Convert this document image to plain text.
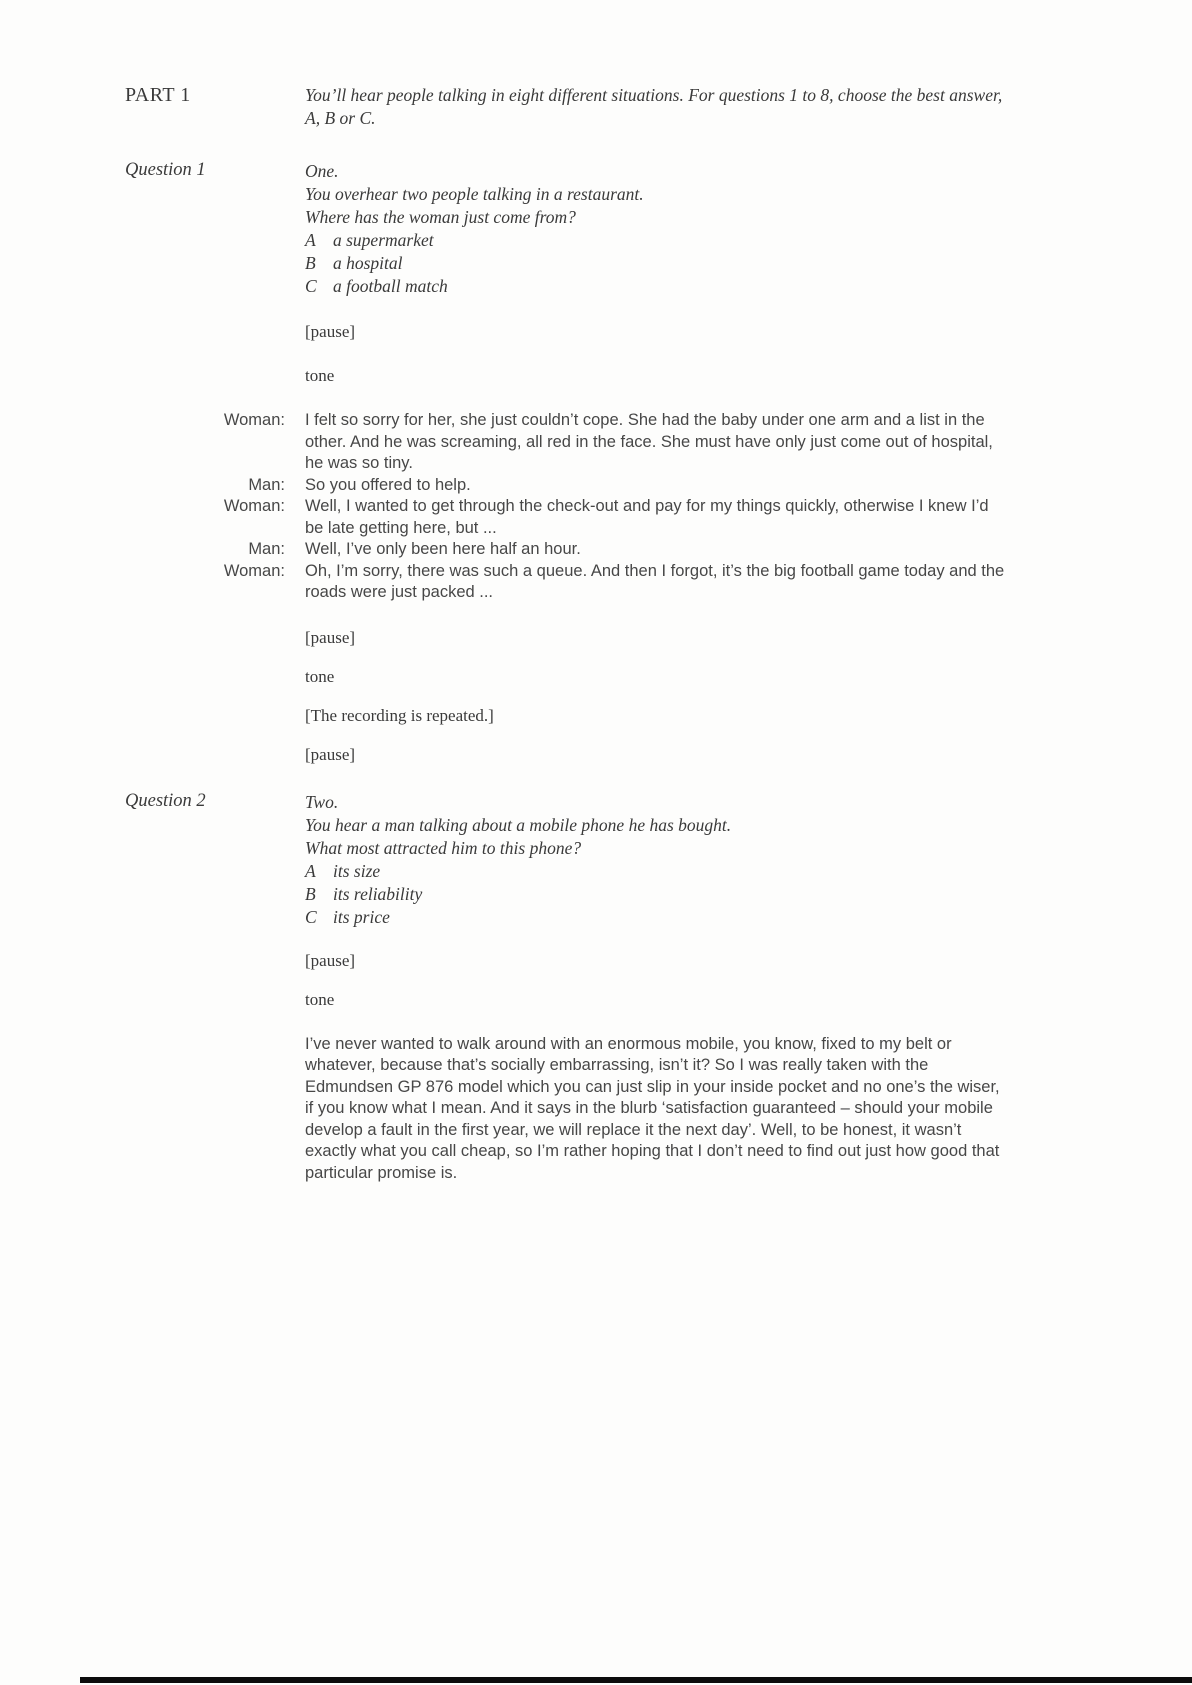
PART 1	You’ll hear people talking in eight different situations. For questions 1 to 8, choose the best answer, A, B or C.
Question 1	One.
You overhear two people talking in a restaurant.
Where has the woman just come from?
A a supermarket
B a hospital
C a football match
[pause]
tone
Woman: I felt so sorry for her, she just couldn’t cope. She had the baby under one arm and a list in the other. And he was screaming, all red in the face. She must have only just come out of hospital, he was so tiny.
Man: So you offered to help.
Woman: Well, I wanted to get through the check-out and pay for my things quickly, otherwise I knew I’d be late getting here, but ...
Man: Well, I’ve only been here half an hour.
Woman: Oh, I’m sorry, there was such a queue. And then I forgot, it’s the big football game today and the roads were just packed ...
[pause]
tone
[The recording is repeated.]
[pause]
Question 2	Two.
You hear a man talking about a mobile phone he has bought.
What most attracted him to this phone?
A its size
B its reliability
C its price
[pause]
tone
I’ve never wanted to walk around with an enormous mobile, you know, fixed to my belt or whatever, because that’s socially embarrassing, isn’t it? So I was really taken with the Edmundsen GP 876 model which you can just slip in your inside pocket and no one’s the wiser, if you know what I mean. And it says in the blurb ‘satisfaction guaranteed – should your mobile develop a fault in the first year, we will replace it the next day’. Well, to be honest, it wasn’t exactly what you call cheap, so I’m rather hoping that I don’t need to find out just how good that particular promise is.
